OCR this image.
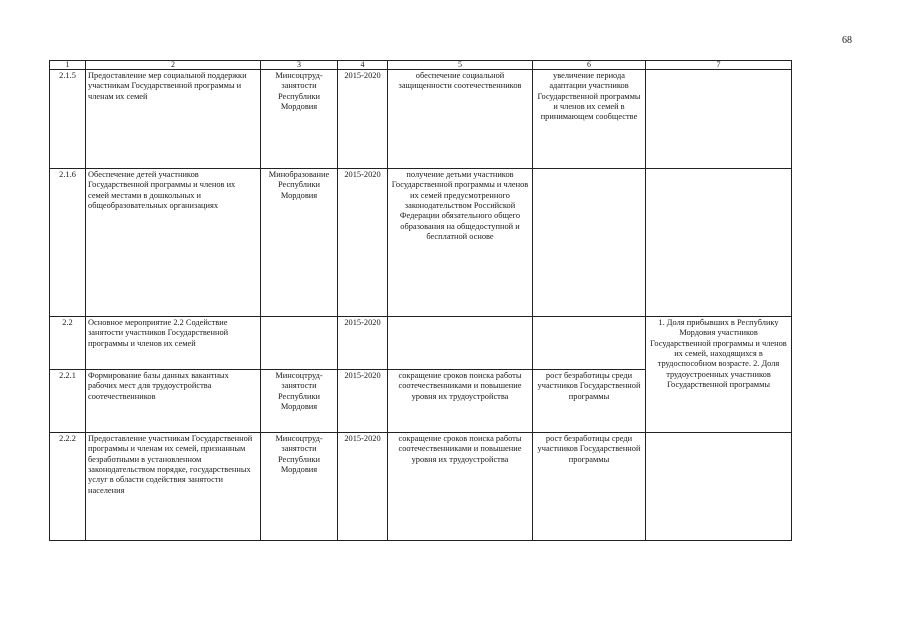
68
1	2	3	4	5	6	7
2.1.5	Предоставление мер социальной поддержки участникам Государственной программы и членам их семей	Минсоцтруд-занятости Республики Мордовия	2015-2020	обеспечение социальной защищенности соотечественников	увеличение периода адаптации участников Государственной программы и членов их семей в принимающем сообществе	
2.1.6	Обеспечение детей участников Государственной программы и членов их семей местами в дошкольных и общеобразовательных организациях	Минобразование Республики Мордовия	2015-2020	получение детьми участников Государственной программы и членов их семей предусмотренного законодательством Российской Федерации обязательного общего образования на общедоступной и бесплатной основе		
2.2	Основное мероприятие 2.2 Содействие занятости участников Государственной программы и членов их семей		2015-2020			1. Доля прибывших в Республику Мордовия участников Государственной программы и членов их семей, находящихся в трудоспособном возрасте. 2. Доля трудоустроенных участников Государственной программы
2.2.1	Формирование базы данных вакантных рабочих мест для трудоустройства соотечественников	Минсоцтруд-занятости Республики Мордовия	2015-2020	сокращение сроков поиска работы соотечественниками и повышение уровня их трудоустройства	рост безработицы среди участников Государственной программы	
2.2.2	Предоставление участникам Государственной программы и членам их семей, признанным безработными в установленном законодательством порядке, государственных услуг в области содействия занятости населения	Минсоцтруд-занятости Республики Мордовия	2015-2020	сокращение сроков поиска работы соотечественниками и повышение уровня их трудоустройства	рост безработицы среди участников Государственной программы	
